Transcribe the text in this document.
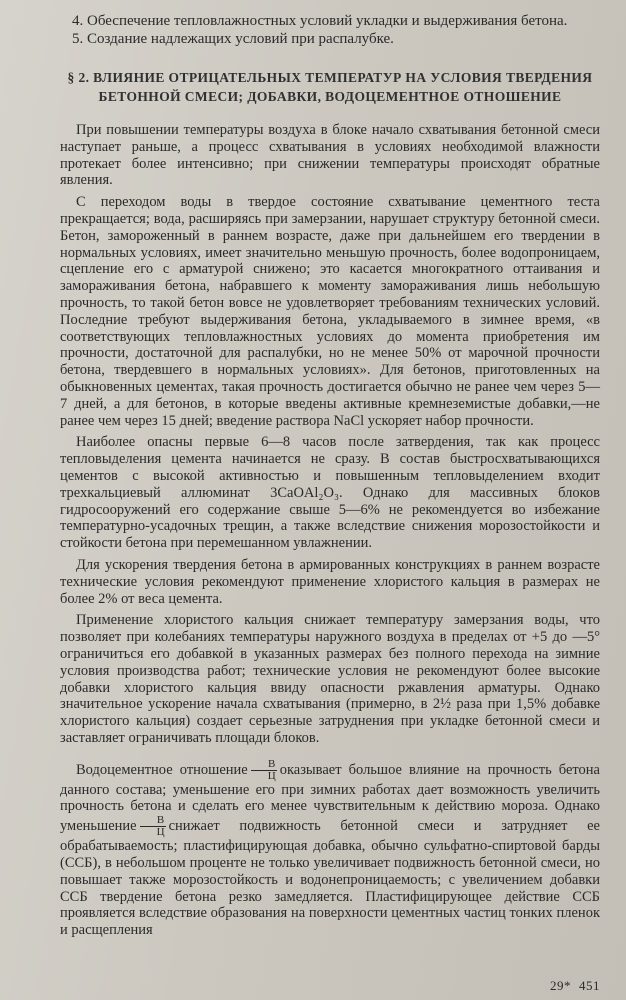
4. Обеспечение тепловлажностных условий укладки и выдерживания бетона.

5. Создание надлежащих условий при распалубке.

§ 2. ВЛИЯНИЕ ОТРИЦАТЕЛЬНЫХ ТЕМПЕРАТУР НА УСЛОВИЯ ТВЕРДЕНИЯ
БЕТОННОЙ СМЕСИ; ДОБАВКИ, ВОДОЦЕМЕНТНОЕ ОТНОШЕНИЕ

При повышении температуры воздуха в блоке начало схватывания бетонной смеси наступает раньше, а процесс схватывания в условиях необходимой влажности протекает более интенсивно; при снижении температуры происходят обратные явления.

С переходом воды в твердое состояние схватывание цементного теста прекращается; вода, расширяясь при замерзании, нарушает структуру бетонной смеси. Бетон, замороженный в раннем возрасте, даже при дальнейшем его твердении в нормальных условиях, имеет значительно меньшую прочность, более водопроницаем, сцепление его с арматурой снижено; это касается многократного оттаивания и замораживания бетона, набравшего к моменту замораживания лишь небольшую прочность, то такой бетон вовсе не удовлетворяет требованиям технических условий. Последние требуют выдерживания бетона, укладываемого в зимнее время, «в соответствующих тепловлажностных условиях до момента приобретения им прочности, достаточной для распалубки, но не менее 50% от марочной прочности бетона, твердевшего в нормальных условиях». Для бетонов, приготовленных на обыкновенных цементах, такая прочность достигается обычно не ранее чем через 5—7 дней, а для бетонов, в которые введены активные кремнеземистые добавки,—не ранее чем через 15 дней; введение раствора NaCl ускоряет набор прочности.

Наиболее опасны первые 6—8 часов после затвердения, так как процесс тепловыделения цемента начинается не сразу. В состав быстросхватывающихся цементов с высокой активностью и повышенным тепловыделением входит трехкальциевый аллюминат 3CaOAl₂O₃. Однако для массивных блоков гидросооружений его содержание свыше 5—6% не рекомендуется во избежание температурно-усадочных трещин, а также вследствие снижения морозостойкости и стойкости бетона при перемешанном увлажнении.

Для ускорения твердения бетона в армированных конструкциях в раннем возрасте технические условия рекомендуют применение хлористого кальция в размерах не более 2% от веса цемента.

Применение хлористого кальция снижает температуру замерзания воды, что позволяет при колебаниях температуры наружного воздуха в пределах от +5 до —5° ограничиться его добавкой в указанных размерах без полного перехода на зимние условия производства работ; технические условия не рекомендуют более высокие добавки хлористого кальция ввиду опасности ржавления арматуры. Однако значительное ускорение начала схватывания (примерно, в 2½ раза при 1,5% добавке хлористого кальция) создает серьезные затруднения при укладке бетонной смеси и заставляет ограничивать площади блоков.

Водоцементное отношение $\frac{В}{Ц}$ оказывает большое влияние на прочность бетона данного состава; уменьшение его при зимних работах дает возможность увеличить прочность бетона и сделать его менее чувствительным к действию мороза. Однако уменьшение $\frac{В}{Ц}$ снижает подвижность бетонной смеси и затрудняет ее обрабатываемость; пластифицирующая добавка, обычно сульфатно-спиртовой барды (ССБ), в небольшом проценте не только увеличивает подвижность бетонной смеси, но повышает также морозостойкость и водонепроницаемость; с увеличением добавки ССБ твердение бетона резко замедляется. Пластифицирующее действие ССБ проявляется вследствие образования на поверхности цементных частиц тонких пленок и расщепления

29* 451
